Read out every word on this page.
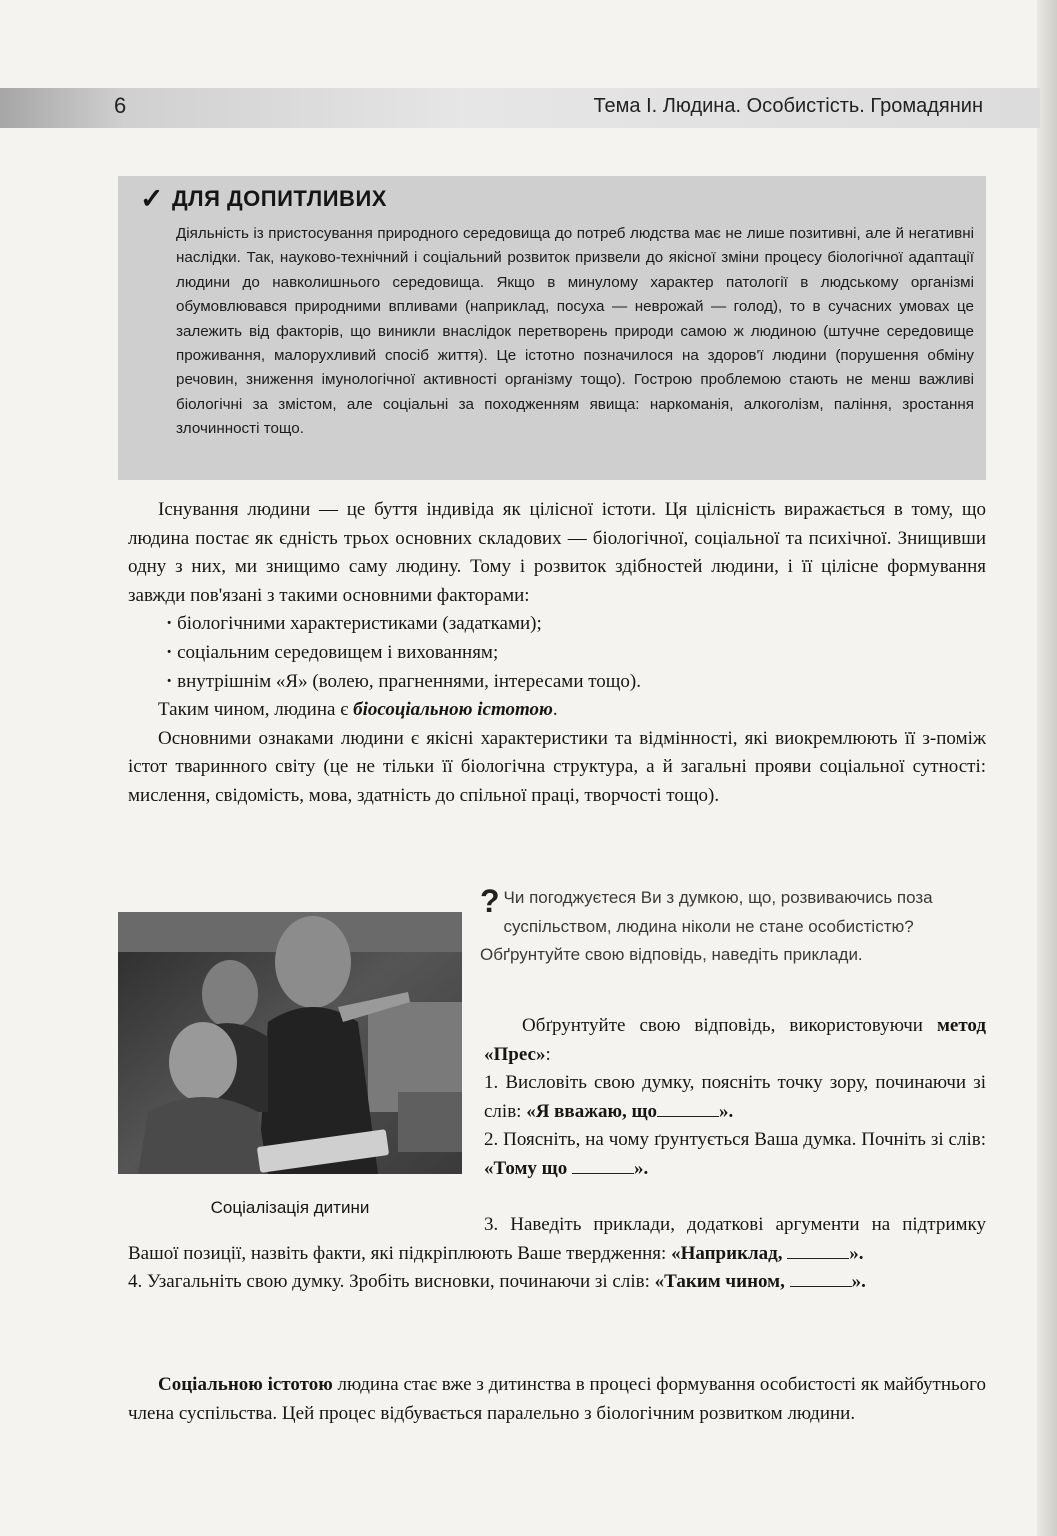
6	Тема І. Людина. Особистість. Громадянин
✓ ДЛЯ ДОПИТЛИВИХ

Діяльність із пристосування природного середовища до потреб людства має не лише позитивні, але й негативні наслідки. Так, науково-технічний і соціальний розвиток призвели до якісної зміни процесу біологічної адаптації людини до навколишнього середовища. Якщо в минулому характер патології в людському організмі обумовлювався природними впливами (наприклад, посуха — неврожай — голод), то в сучасних умовах це залежить від факторів, що виникли внаслідок перетворень природи самою ж людиною (штучне середовище проживання, малорухливий спосіб життя). Це істотно позначилося на здоров'ї людини (порушення обміну речовин, зниження імунологічної активності організму тощо). Гострою проблемою стають не менш важливі біологічні за змістом, але соціальні за походженням явища: наркоманія, алкоголізм, паління, зростання злочинності тощо.

Існування людини — це буття індивіда як цілісної істоти. Ця цілісність виражається в тому, що людина постає як єдність трьох основних складових — біологічної, соціальної та психічної. Знищивши одну з них, ми знищимо саму людину. Тому і розвиток здібностей людини, і її цілісне формування завжди пов'язані з такими основними факторами:

· біологічними характеристиками (задатками);
· соціальним середовищем і вихованням;
· внутрішнім «Я» (волею, прагненнями, інтересами тощо).

Таким чином, людина є біосоціальною істотою.

Основними ознаками людини є якісні характеристики та відмінності, які виокремлюють її з-поміж істот тваринного світу (це не тільки її біологічна структура, а й загальні прояви соціальної сутності: мислення, свідомість, мова, здатність до спільної праці, творчості тощо).

Соціалізація дитини
? Чи погоджуєтеся Ви з думкою, що, розвиваючись поза суспільством, людина ніколи не стане особистістю? Обґрунтуйте свою відповідь, наведіть приклади.

Обґрунтуйте свою відповідь, використовуючи метод «Прес»:

1. Висловіть свою думку, поясніть точку зору, починаючи зі слів: «Я вважаю, що	».

2. Поясніть, на чому ґрунтується Ваша думка. Почніть зі слів: «Тому що	».

3. Наведіть приклади, додаткові аргументи на підтримку Вашої позиції, назвіть факти, які підкріплюють Ваше твердження: «Наприклад,	».

4. Узагальніть свою думку. Зробіть висновки, починаючи зі слів: «Таким чином,	».

Соціальною істотою людина стає вже з дитинства в процесі формування особистості як майбутнього члена суспільства. Цей процес відбувається паралельно з біологічним розвитком людини.
